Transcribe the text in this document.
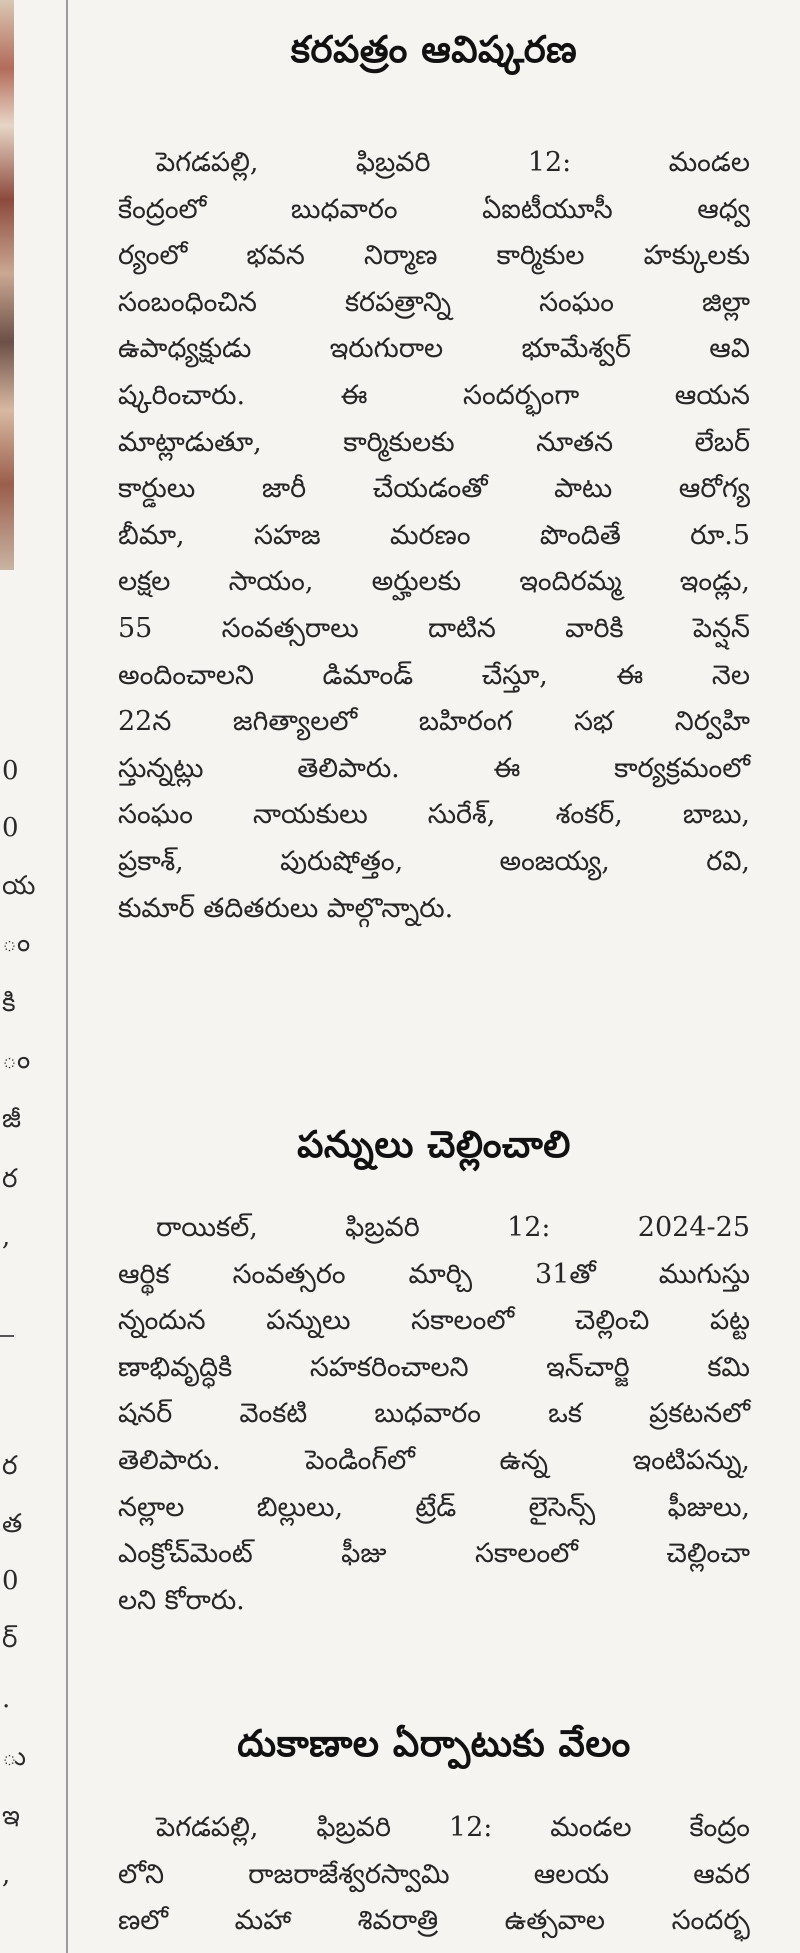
0
0
య
ం
కి
ం
జీ
ర
,
ర
త
0
ర్
.
ు
ఇ
,
కరపత్రం ఆవిష్కరణ
పెగడపల్లి, ఫిబ్రవరి 12: మండల
కేంద్రంలో బుధవారం ఏఐటీయూసీ ఆధ్వ
ర్యంలో భవన నిర్మాణ కార్మికుల హక్కులకు
సంబంధించిన కరపత్రాన్ని సంఘం జిల్లా
ఉపాధ్యక్షుడు ఇరుగురాల భూమేశ్వర్ ఆవి
ష్కరించారు. ఈ సందర్భంగా ఆయన
మాట్లాడుతూ, కార్మికులకు నూతన లేబర్
కార్డులు జారీ చేయడంతో పాటు ఆరోగ్య
బీమా, సహజ మరణం పొందితే రూ.5
లక్షల సాయం, అర్హులకు ఇందిరమ్మ ఇండ్లు,
55 సంవత్సరాలు దాటిన వారికి పెన్షన్
అందించాలని డిమాండ్ చేస్తూ, ఈ నెల
22న జగిత్యాలలో బహిరంగ సభ నిర్వహి
స్తున్నట్లు తెలిపారు. ఈ కార్యక్రమంలో
సంఘం నాయకులు సురేశ్, శంకర్, బాబు,
ప్రకాశ్, పురుషోత్తం, అంజయ్య, రవి,
కుమార్ తదితరులు పాల్గొన్నారు.
పన్నులు చెల్లించాలి
రాయికల్, ఫిబ్రవరి 12: 2024-25
ఆర్థిక సంవత్సరం మార్చి 31తో ముగుస్తు
న్నందున పన్నులు సకాలంలో చెల్లించి పట్ట
ణాభివృద్ధికి సహకరించాలని ఇన్‌చార్జి కమి
షనర్ వెంకటి బుధవారం ఒక ప్రకటనలో
తెలిపారు. పెండింగ్‌లో ఉన్న ఇంటిపన్ను,
నల్లాల బిల్లులు, ట్రేడ్ లైసెన్స్ ఫీజులు,
ఎంక్రోచ్‌మెంట్ ఫీజు సకాలంలో చెల్లించా
లని కోరారు.
దుకాణాల ఏర్పాటుకు వేలం
పెగడపల్లి, ఫిబ్రవరి 12: మండల కేంద్రం
లోని రాజరాజేశ్వరస్వామి ఆలయ ఆవర
ణలో మహా శివరాత్రి ఉత్సవాల సందర్భ
